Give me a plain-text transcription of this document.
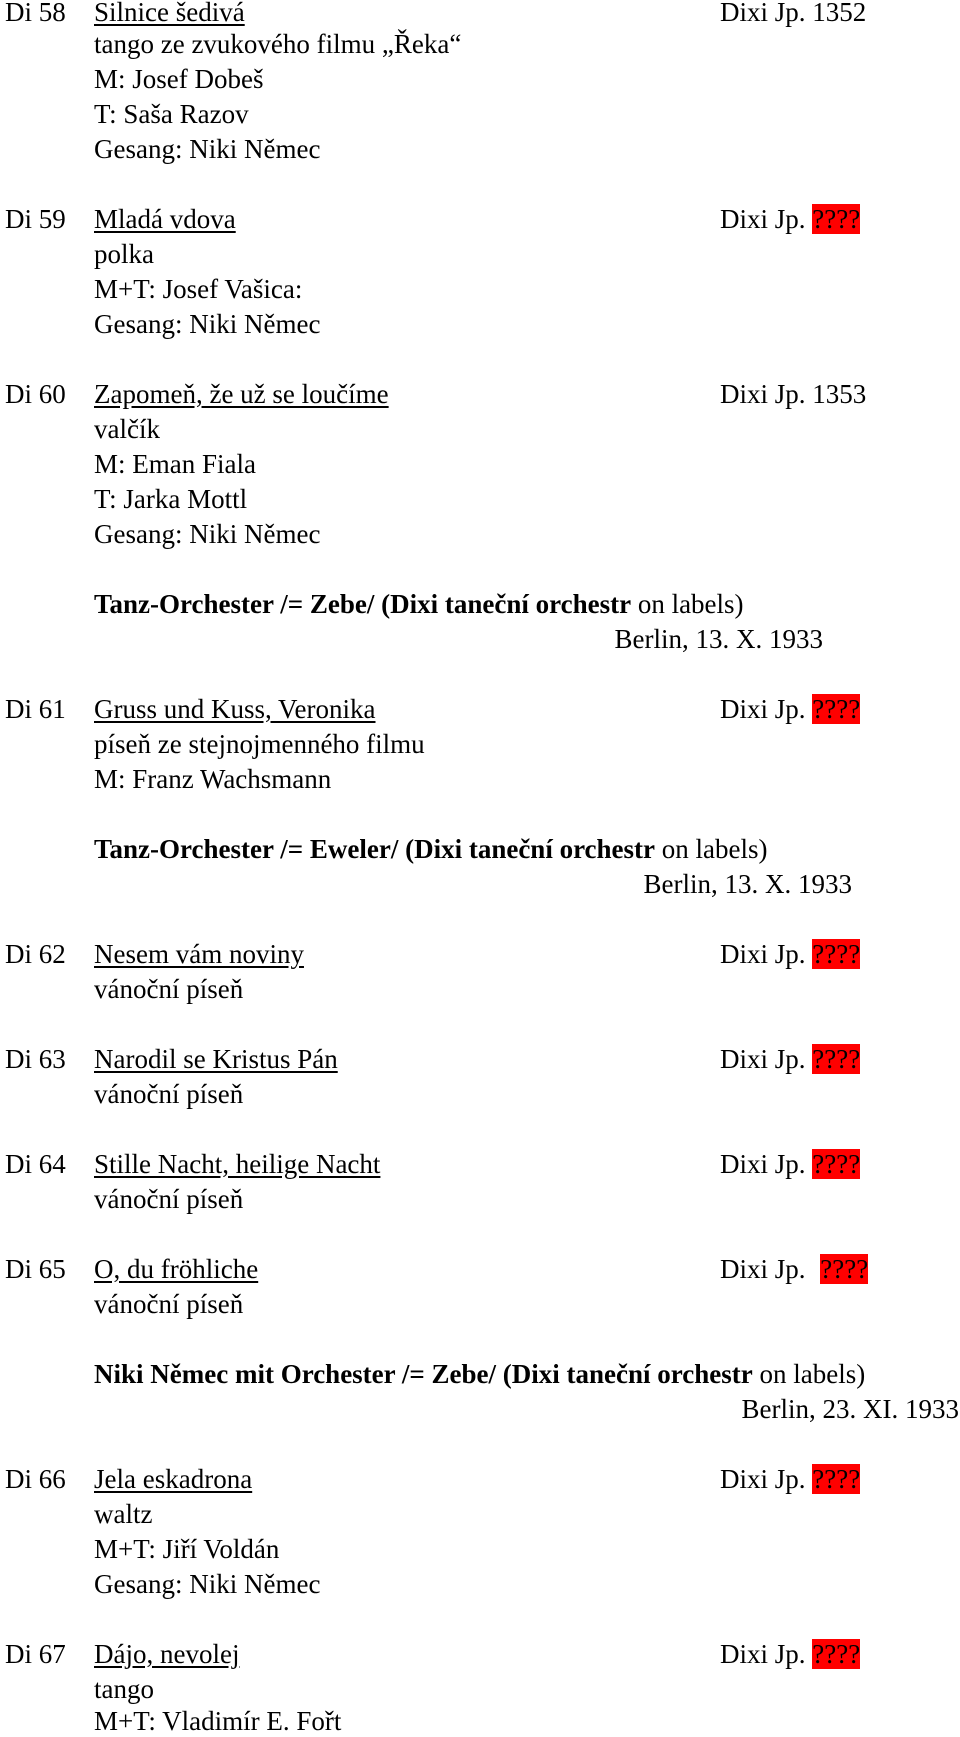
Di 58 Silnice šedivá	Dixi Jp. 1352
tango ze zvukového filmu „Řeka“
M: Josef Dobeš
T: Saša Razov
Gesang: Niki Němec
Di 59 Mladá vdova	Dixi Jp. ????
polka
M+T: Josef Vašica:
Gesang: Niki Němec
Di 60 Zapomeň, že už se loučíme	Dixi Jp. 1353
valčík
M: Eman Fiala
T: Jarka Mottl
Gesang: Niki Němec
Tanz-Orchester /= Zebe/ (Dixi taneční orchestr on labels)
Berlin, 13. X. 1933
Di 61 Gruss und Kuss, Veronika	Dixi Jp. ????
píseň ze stejnojmenného filmu
M: Franz Wachsmann
Tanz-Orchester /= Eweler/ (Dixi taneční orchestr on labels)
Berlin, 13. X. 1933
Di 62 Nesem vám noviny	Dixi Jp. ????
vánoční píseň
Di 63 Narodil se Kristus Pán	Dixi Jp. ????
vánoční píseň
Di 64 Stille Nacht, heilige Nacht	Dixi Jp. ????
vánoční píseň
Di 65 O, du fröhliche	Dixi Jp. ????
vánoční píseň
Niki Němec mit Orchester /= Zebe/ (Dixi taneční orchestr on labels)
Berlin, 23. XI. 1933
Di 66 Jela eskadrona	Dixi Jp. ????
waltz
M+T: Jiří Voldán
Gesang: Niki Němec
Di 67 Dájo, nevolej	Dixi Jp. ????
tango
M+T: Vladimír E. Fořt
